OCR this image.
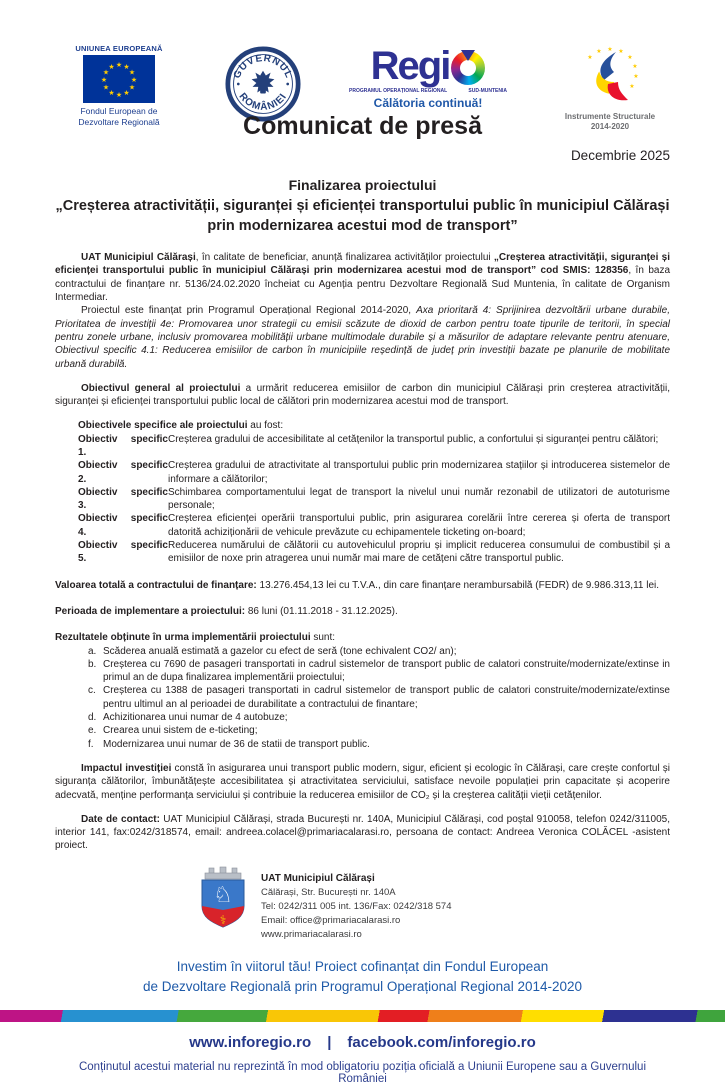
UNIUNEA EUROPEANĂ
★ ★
★
★
★
★
★
★
★
★
★
★
Fondul European de
Dezvoltare Regională
GUVERNUL
ROMÂNIEI
Regi
PROGRAMUL OPERAȚIONAL REGIONAL	SUD-MUNTENIA
Călătoria continuă!
★ ★
★
★
★
★
★
★
Instrumente Structurale
2014-2020
Comunicat de presă
Decembrie 2025
Finalizarea proiectului
„Creșterea atractivității, siguranței și eficienței transportului public în municipiul Călărași
prin modernizarea acestui mod de transport”

UAT Municipiul Călărași, în calitate de beneficiar, anunță finalizarea activităților proiectului „Creșterea atractivității, siguranței și eficienței transportului public în municipiul Călărași prin modernizarea acestui mod de transport” cod SMIS: 128356, în baza contractului de finanțare nr. 5136/24.02.2020 încheiat cu Agenția pentru Dezvoltare Regională Sud Muntenia, în calitate de Organism Intermediar.

Proiectul este finanțat prin Programul Operațional Regional 2014-2020, Axa prioritară 4: Sprijinirea dezvoltării urbane durabile, Prioritatea de investiții 4e: Promovarea unor strategii cu emisii scăzute de dioxid de carbon pentru toate tipurile de teritorii, în special pentru zonele urbane, inclusiv promovarea mobilității urbane multimodale durabile și a măsurilor de adaptare relevante pentru atenuare, Obiectivul specific 4.1: Reducerea emisiilor de carbon în municipiile reședință de județ prin investiții bazate pe planurile de mobilitate urbană durabilă.

Obiectivul general al proiectului a urmărit reducerea emisiilor de carbon din municipiul Călărași prin creșterea atractivității, siguranței și eficienței transportului public local de călători prin modernizarea acestui mod de transport.

Obiectivele specifice ale proiectului au fost:

Obiectiv specific 1.
Creșterea gradului de accesibilitate al cetățenilor la transportul public, a confortului și siguranței pentru călători;
Obiectiv specific 2.
Creșterea gradului de atractivitate al transportului public prin modernizarea stațiilor și introducerea sistemelor de informare a călătorilor;
Obiectiv specific 3.
Schimbarea comportamentului legat de transport la nivelul unui număr rezonabil de utilizatori de autoturisme personale;
Obiectiv specific 4.
Creșterea eficienței operării transportului public, prin asigurarea corelării între cererea și oferta de transport datorită achiziționării de vehicule prevăzute cu echipamentele ticketing on-board;
Obiectiv specific 5.
Reducerea numărului de călătorii cu autovehiculul propriu și implicit reducerea consumului de combustibil și a emisiilor de noxe prin atragerea unui număr mai mare de cetățeni către transportul public.

Valoarea totală a contractului de finanțare: 13.276.454,13 lei cu T.V.A., din care finanțare nerambursabilă (FEDR) de 9.986.313,11 lei.

Perioada de implementare a proiectului: 86 luni (01.11.2018 - 31.12.2025).

Rezultatele obținute în urma implementării proiectului sunt:

a. Scăderea anuală estimată a gazelor cu efect de seră (tone echivalent CO2/ an);
b. Creșterea cu 7690 de pasageri transportati in cadrul sistemelor de transport public de calatori construite/modernizate/extinse in primul an de dupa finalizarea implementării proiectului;
c. Creșterea cu 1388 de pasageri transportati in cadrul sistemelor de transport public de calatori construite/modernizate/extinse pentru ultimul an al perioadei de durabilitate a contractului de finantare;
d. Achizitionarea unui numar de 4 autobuze;
e. Crearea unui sistem de e-ticketing;
f. Modernizarea unui numar de 36 de statii de transport public.

Impactul investiției constă în asigurarea unui transport public modern, sigur, eficient și ecologic în Călărași, care crește confortul și siguranța călătorilor, îmbunătățește accesibilitatea și atractivitatea serviciului, satisface nevoile populației prin capacitate și acoperire adecvată, menține performanța serviciului și contribuie la reducerea emisiilor de CO₂ și la creșterea calității vieții cetățenilor.

Date de contact: UAT Municipiul Călărași, strada București nr. 140A, Municipiul Călărași, cod poștal 910058, telefon 0242/311005, interior 141, fax:0242/318574, email: andreea.colacel@primariacalarasi.ro, persoana de contact: Andreea Veronica COLĂCEL -asistent proiect.

♘
⚕
UAT Municipiul Călărași
Călărași, Str. București nr. 140A
Tel: 0242/311 005 int. 136/Fax: 0242/318 574
Email: office@primariacalarasi.ro
www.primariacalarasi.ro
Investim în viitorul tău! Proiect cofinanțat din Fondul European
de Dezvoltare Regională prin Programul Operațional Regional 2014-2020
www.inforegio.ro | facebook.com/inforegio.ro
Conținutul acestui material nu reprezintă în mod obligatoriu poziția oficială a Uniunii Europene sau a Guvernului României
